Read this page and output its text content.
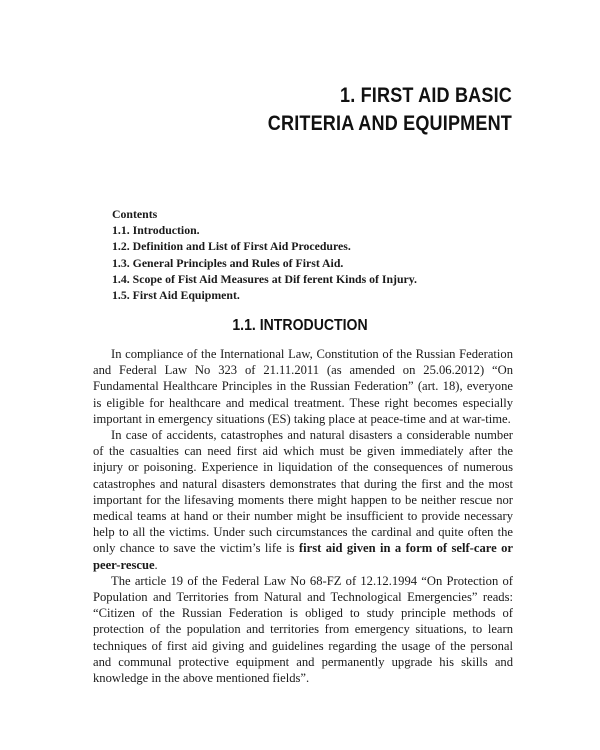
1. FIRST AID BASIC
CRITERIA AND EQUIPMENT
Contents
1.1. Introduction.
1.2. Definition and List of First Aid Procedures.
1.3. General Principles and Rules of First Aid.
1.4. Scope of Fist Aid Measures at Dif ferent Kinds of Injury.
1.5. First Aid Equipment.
1.1. INTRODUCTION

In compliance of the International Law, Constitution of the Russian Federation and Federal Law No 323 of 21.11.2011 (as amended on 25.06.2012) “On Fundamental Healthcare Principles in the Russian Federation” (art. 18), everyone is eligible for healthcare and medical treatment. These right becomes especially important in emergency situations (ES) taking place at peace-time and at war-time.

In case of accidents, catastrophes and natural disasters a considerable number of the casualties can need first aid which must be given immediately after the injury or poisoning. Experience in liquidation of the consequences of numerous catastrophes and natural disasters demonstrates that during the first and the most important for the lifesaving moments there might happen to be neither rescue nor medical teams at hand or their number might be insufficient to provide necessary help to all the victims. Under such circumstances the cardinal and quite often the only chance to save the victim’s life is first aid given in a form of self-care or peer-rescue.

The article 19 of the Federal Law No 68-FZ of 12.12.1994 “On Protection of Population and Territories from Natural and Technological Emergencies” reads: “Citizen of the Russian Federation is obliged to study principle methods of protection of the population and territories from emergency situations, to learn techniques of first aid giving and guidelines regarding the usage of the personal and communal protective equipment and permanently upgrade his skills and knowledge in the above mentioned fields”.
